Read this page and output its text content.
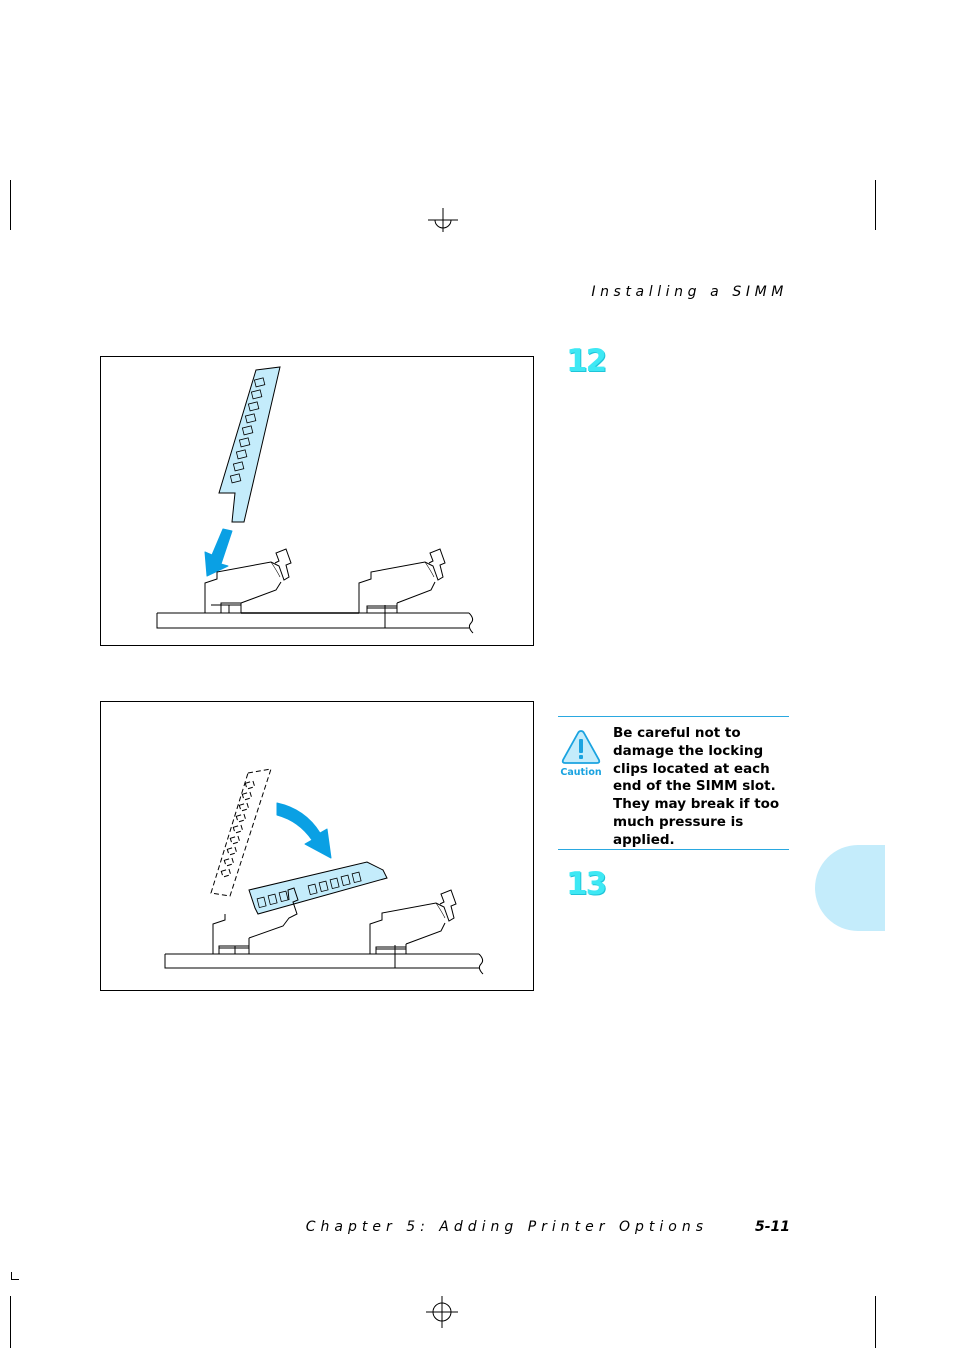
Installing a SIMM
12
13
Caution
Be careful not to damage the locking clips located at each end of the SIMM slot. They may break if too much pressure is applied.
Chapter 5: Adding Printer Options	5-11
